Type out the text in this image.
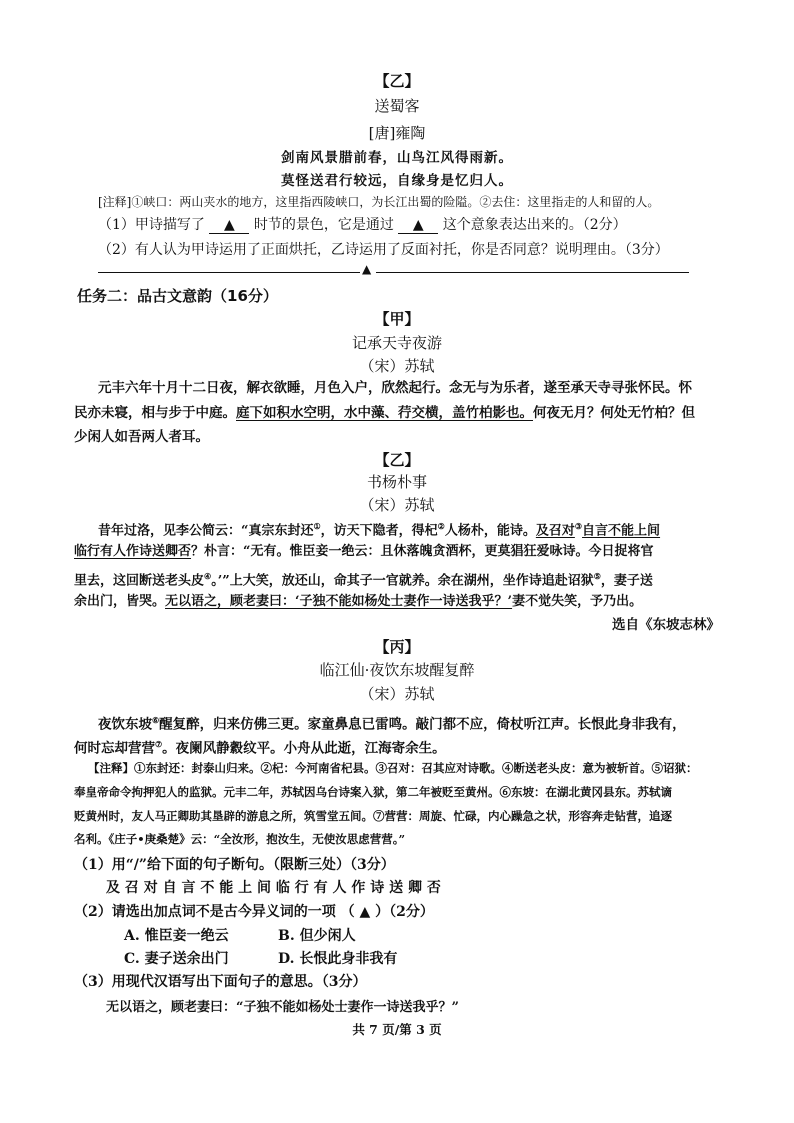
【乙】
送蜀客
[唐]雍陶
剑南风景腊前春，山鸟江风得雨新。
莫怪送君行较远，自缘身是忆归人。
[注释]①峡口：两山夹水的地方，这里指西陵峡口，为长江出蜀的险隘。②去住：这里指走的人和留的人。
（1）甲诗描写了 ▲ 时节的景色，它是通过 ▲ 这个意象表达出来的。（2分）
（2）有人认为甲诗运用了正面烘托，乙诗运用了反面衬托，你是否同意？说明理由。（3分）
▲
任务二：品古文意韵（16分）
【甲】
记承天寺夜游
（宋）苏轼
元丰六年十月十二日夜，解衣欲睡，月色入户，欣然起行。念无与为乐者，遂至承天寺寻张怀民。怀
民亦未寝，相与步于中庭。庭下如积水空明，水中藻、荇交横，盖竹柏影也。何夜无月？何处无竹柏？但
少闲人如吾两人者耳。
【乙】
书杨朴事
（宋）苏轼
昔年过洛，见李公简云：“真宗东封还①，访天下隐者，得杞②人杨朴，能诗。及召对③自言不能上间
临行有人作诗送卿否？朴言：“无有。惟臣妾一绝云：且休落魄贪酒杯，更莫猖狂爱咏诗。今日捉将官
里去，这回断送老头皮④。’”上大笑，放还山，命其子一官就养。余在湖州，坐作诗追赴诏狱⑤，妻子送
余出门，皆哭。无以语之，顾老妻曰：‘子独不能如杨处士妻作一诗送我乎？’妻不觉失笑，予乃出。
选自《东坡志林》
【丙】
临江仙·夜饮东坡醒复醉
（宋）苏轼
夜饮东坡⑥醒复醉，归来仿佛三更。家童鼻息已雷鸣。敲门都不应，倚杖听江声。长恨此身非我有，
何时忘却营营⑦。夜阑风静縠纹平。小舟从此逝，江海寄余生。
【注释】①东封还：封泰山归来。②杞：今河南省杞县。③召对：召其应对诗歌。④断送老头皮：意为被斩首。⑤诏狱：
奉皇帝命令拘押犯人的监狱。元丰二年，苏轼因乌台诗案入狱，第二年被贬至黄州。⑥东坡：在湖北黄冈县东。苏轼谪
贬黄州时，友人马正卿助其垦辟的游息之所，筑雪堂五间。⑦营营：周旋、忙碌，内心躁急之状，形容奔走钻营，追逐
名利。《庄子•庚桑楚》云：“全汝形，抱汝生，无使汝思虑营营。”
（1）用“/”给下面的句子断句。（限断三处）（3分）
及 召 对 自 言 不 能 上 间 临 行 有 人 作 诗 送 卿 否
（2）请选出加点词不是古今异义词的一项 （ ▲ ）（2分）
A. 惟臣妾一绝云	B. 但少闲人
C. 妻子送余出门	D. 长恨此身非我有
（3）用现代汉语写出下面句子的意思。（3分）
无以语之，顾老妻曰：“子独不能如杨处士妻作一诗送我乎？”
共 7 页/第 3 页
